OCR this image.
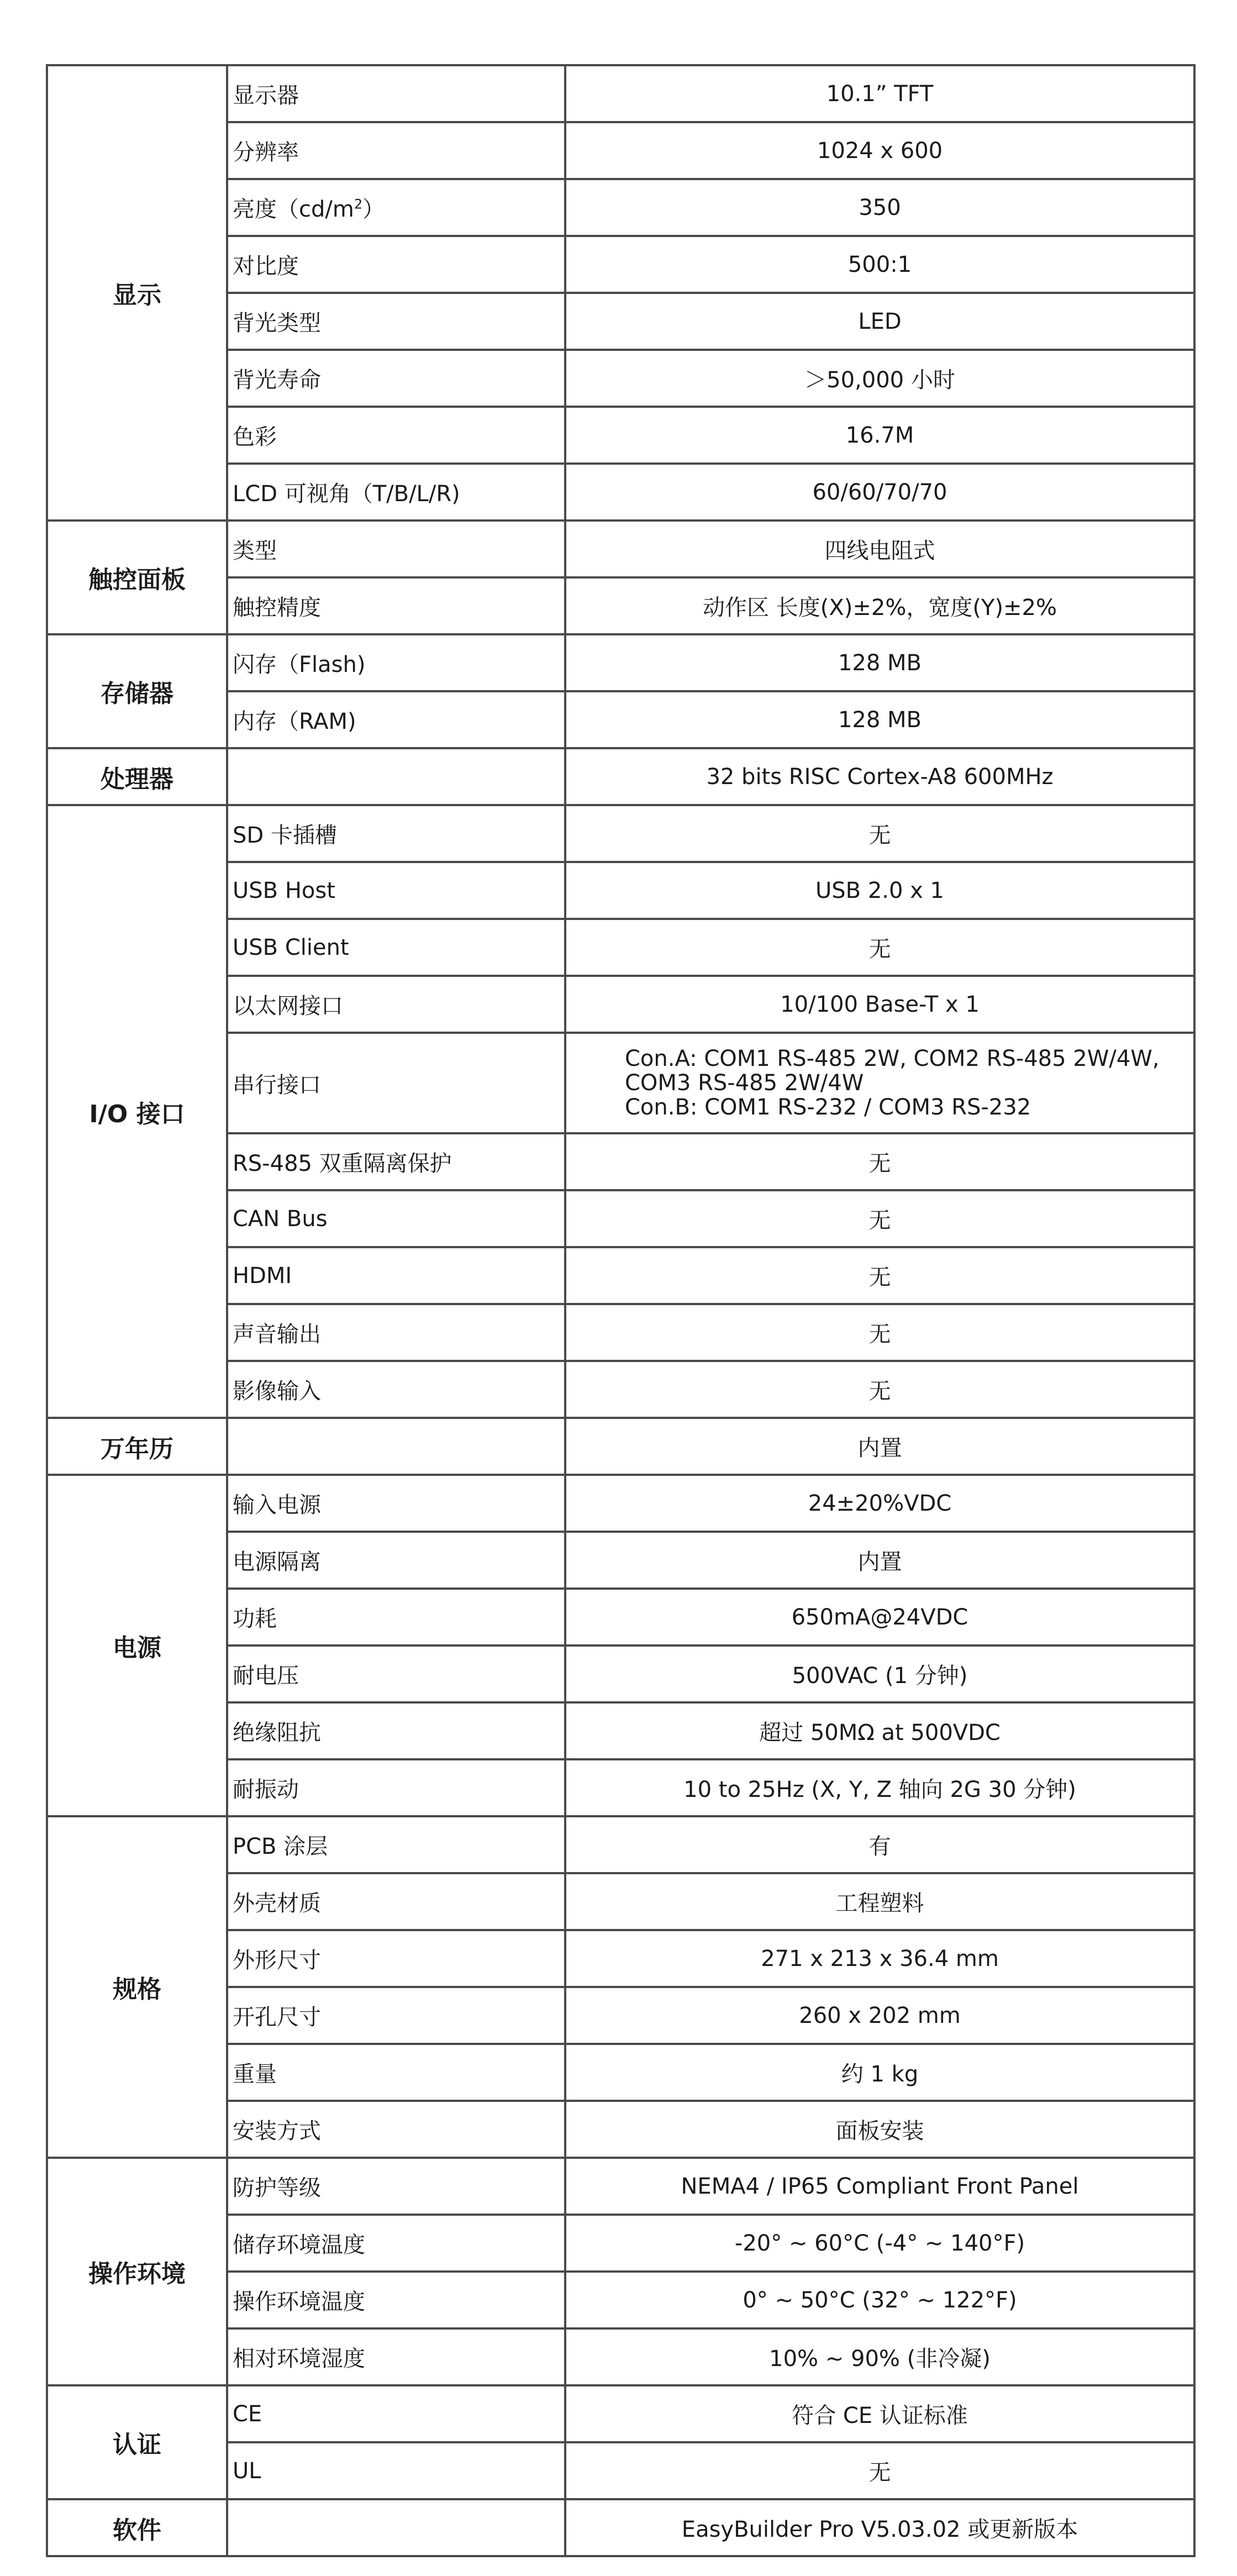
显示	显示器	10.1” TFT
	分辨率	1024 x 600
	亮度$(cd/m^2)$	350
	对比度	500:1
	背光类型	LED
	背光寿命	＞50,000 小时
	色彩	16.7M
	LCD 可视角（T/B/L/R)	60/60/70/70
触控面板	类型	四线电阻式
	触控精度	动作区 长度(X)±2%，宽度(Y)±2%
存储器	闪存（Flash)	128 MB
	内存（RAM)	128 MB
处理器		32 bits RISC Cortex-A8 600MHz
I/O 接口	SD 卡插槽	无
	USB Host	USB 2.0 x 1
	USB Client	无
	以太网接口	10/100 Base-T x 1
	串行接口	Con.A: COM1 RS-485 2W, COM2 RS-485 2W/4W,
COM3 RS-485 2W/4W
Con.B: COM1 RS-232 / COM3 RS-232

	RS-485 双重隔离保护	无
	CAN Bus	无
	HDMI	无
	声音输出	无
	影像输入	无
万年历		内置
电源	输入电源	24±20%VDC
	电源隔离	内置
	功耗	650mA@24VDC
	耐电压	500VAC (1 分钟)
	绝缘阻抗	超过 50MΩ at 500VDC
	耐振动	10 to 25Hz (X, Y, Z 轴向 2G 30 分钟)
规格	PCB 涂层	有
	外壳材质	工程塑料
	外形尺寸	271 x 213 x 36.4 mm
	开孔尺寸	260 x 202 mm
	重量	约 1 kg
	安装方式	面板安装
操作环境	防护等级	NEMA4 / IP65 Compliant Front Panel
	储存环境温度	-20° ~ 60°C (-4° ~ 140°F)
	操作环境温度	0° ~ 50°C (32° ~ 122°F)
	相对环境湿度	10% ~ 90% (非冷凝)
认证	CE	符合 CE 认证标准
	UL	无
软件		EasyBuilder Pro V5.03.02 或更新版本
